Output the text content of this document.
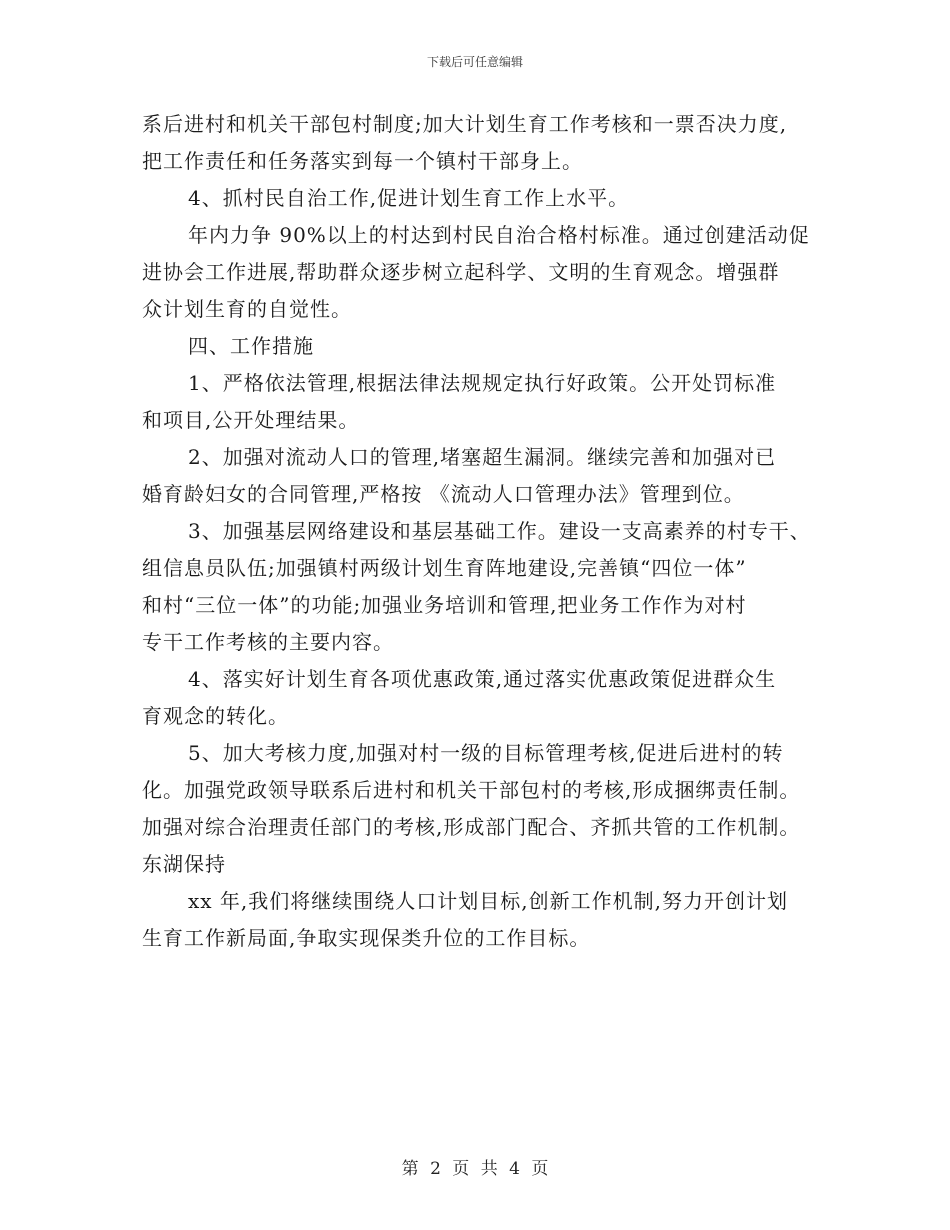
下载后可任意编辑
系后进村和机关干部包村制度;加大计划生育工作考核和一票否决力度,
把工作责任和任务落实到每一个镇村干部身上。
4、抓村民自治工作,促进计划生育工作上水平。
年内力争 90%以上的村达到村民自治合格村标准。通过创建活动促
进协会工作进展,帮助群众逐步树立起科学、文明的生育观念。增强群
众计划生育的自觉性。
四、工作措施
1、严格依法管理,根据法律法规规定执行好政策。公开处罚标准
和项目,公开处理结果。
2、加强对流动人口的管理,堵塞超生漏洞。继续完善和加强对已
婚育龄妇女的合同管理,严格按 《流动人口管理办法》管理到位。
3、加强基层网络建设和基层基础工作。建设一支高素养的村专干、
组信息员队伍;加强镇村两级计划生育阵地建设,完善镇“四位一体”
和村“三位一体”的功能;加强业务培训和管理,把业务工作作为对村
专干工作考核的主要内容。
4、落实好计划生育各项优惠政策,通过落实优惠政策促进群众生
育观念的转化。
5、加大考核力度,加强对村一级的目标管理考核,促进后进村的转
化。加强党政领导联系后进村和机关干部包村的考核,形成捆绑责任制。
加强对综合治理责任部门的考核,形成部门配合、齐抓共管的工作机制。
东湖保持
xx 年,我们将继续围绕人口计划目标,创新工作机制,努力开创计划
生育工作新局面,争取实现保类升位的工作目标。
第 2 页 共 4 页
